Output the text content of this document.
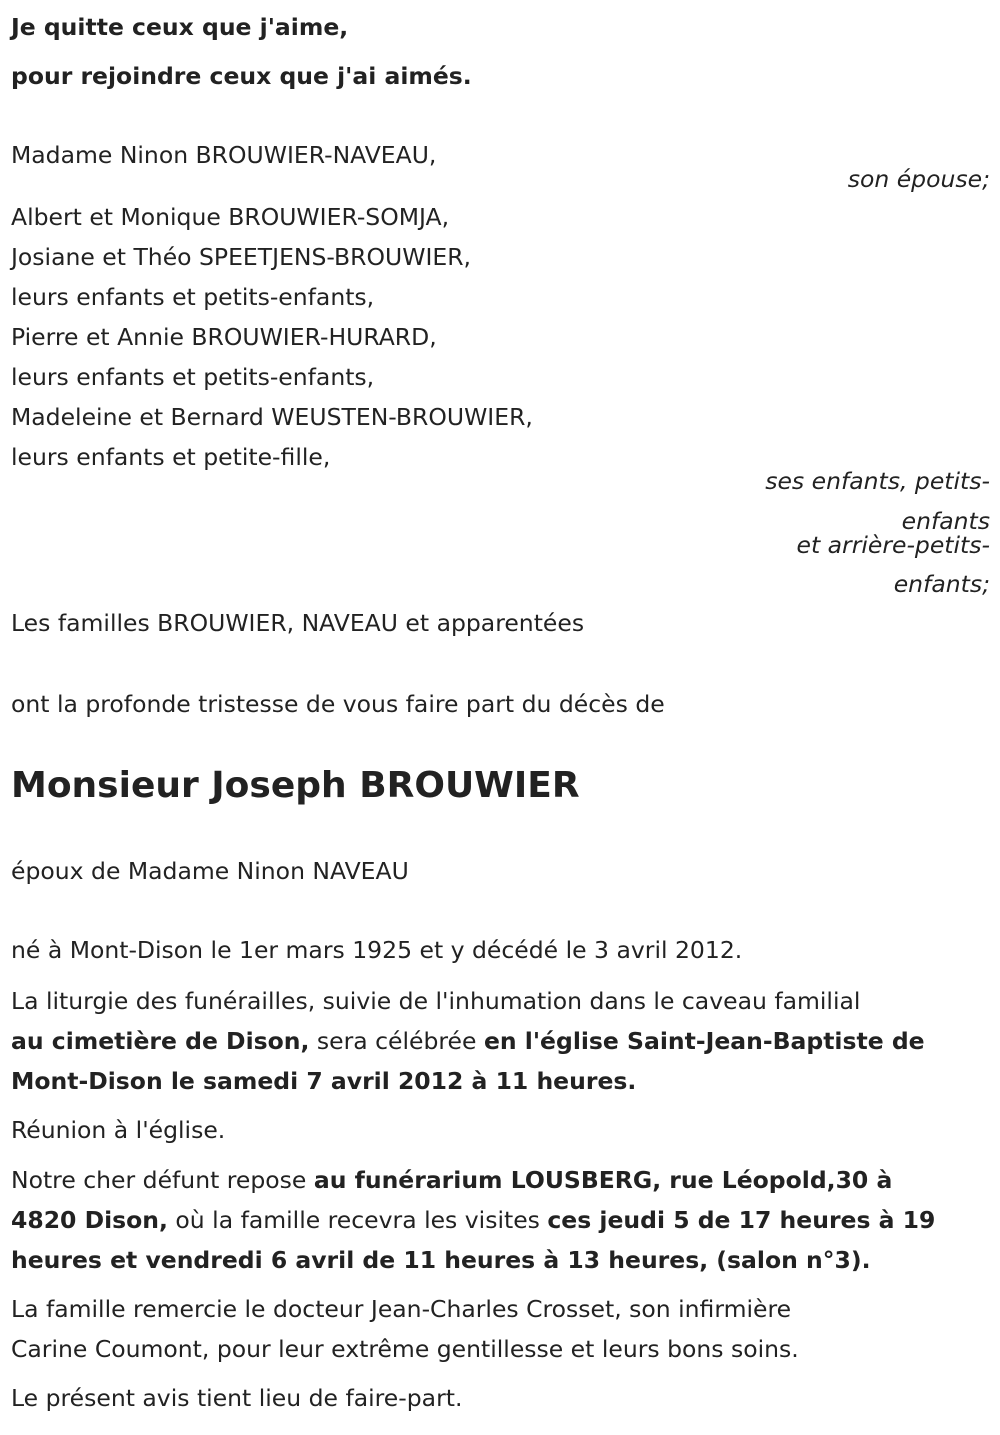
Je quitte ceux que j'aime,
pour rejoindre ceux que j'ai aimés.
Madame Ninon BROUWIER-NAVEAU,
son épouse;
Albert et Monique BROUWIER-SOMJA,
Josiane et Théo SPEETJENS-BROUWIER,
leurs enfants et petits-enfants,
Pierre et Annie BROUWIER-HURARD,
leurs enfants et petits-enfants,
Madeleine et Bernard WEUSTEN-BROUWIER,
leurs enfants et petite-fille,
ses enfants, petits-
enfants
et arrière-petits-
enfants;
Les familles BROUWIER, NAVEAU et apparentées
ont la profonde tristesse de vous faire part du décès de
Monsieur Joseph BROUWIER
époux de Madame Ninon NAVEAU
né à Mont-Dison le 1er mars 1925 et y décédé le 3 avril 2012.
La liturgie des funérailles, suivie de l'inhumation dans le caveau familial
au cimetière de Dison, sera célébrée en l'église Saint-Jean-Baptiste de
Mont-Dison le samedi 7 avril 2012 à 11 heures.
Réunion à l'église.
Notre cher défunt repose au funérarium LOUSBERG, rue Léopold,30 à
4820 Dison, où la famille recevra les visites ces jeudi 5 de 17 heures à 19
heures et vendredi 6 avril de 11 heures à 13 heures, (salon n°3).
La famille remercie le docteur Jean-Charles Crosset, son infirmière
Carine Coumont, pour leur extrême gentillesse et leurs bons soins.
Le présent avis tient lieu de faire-part.
